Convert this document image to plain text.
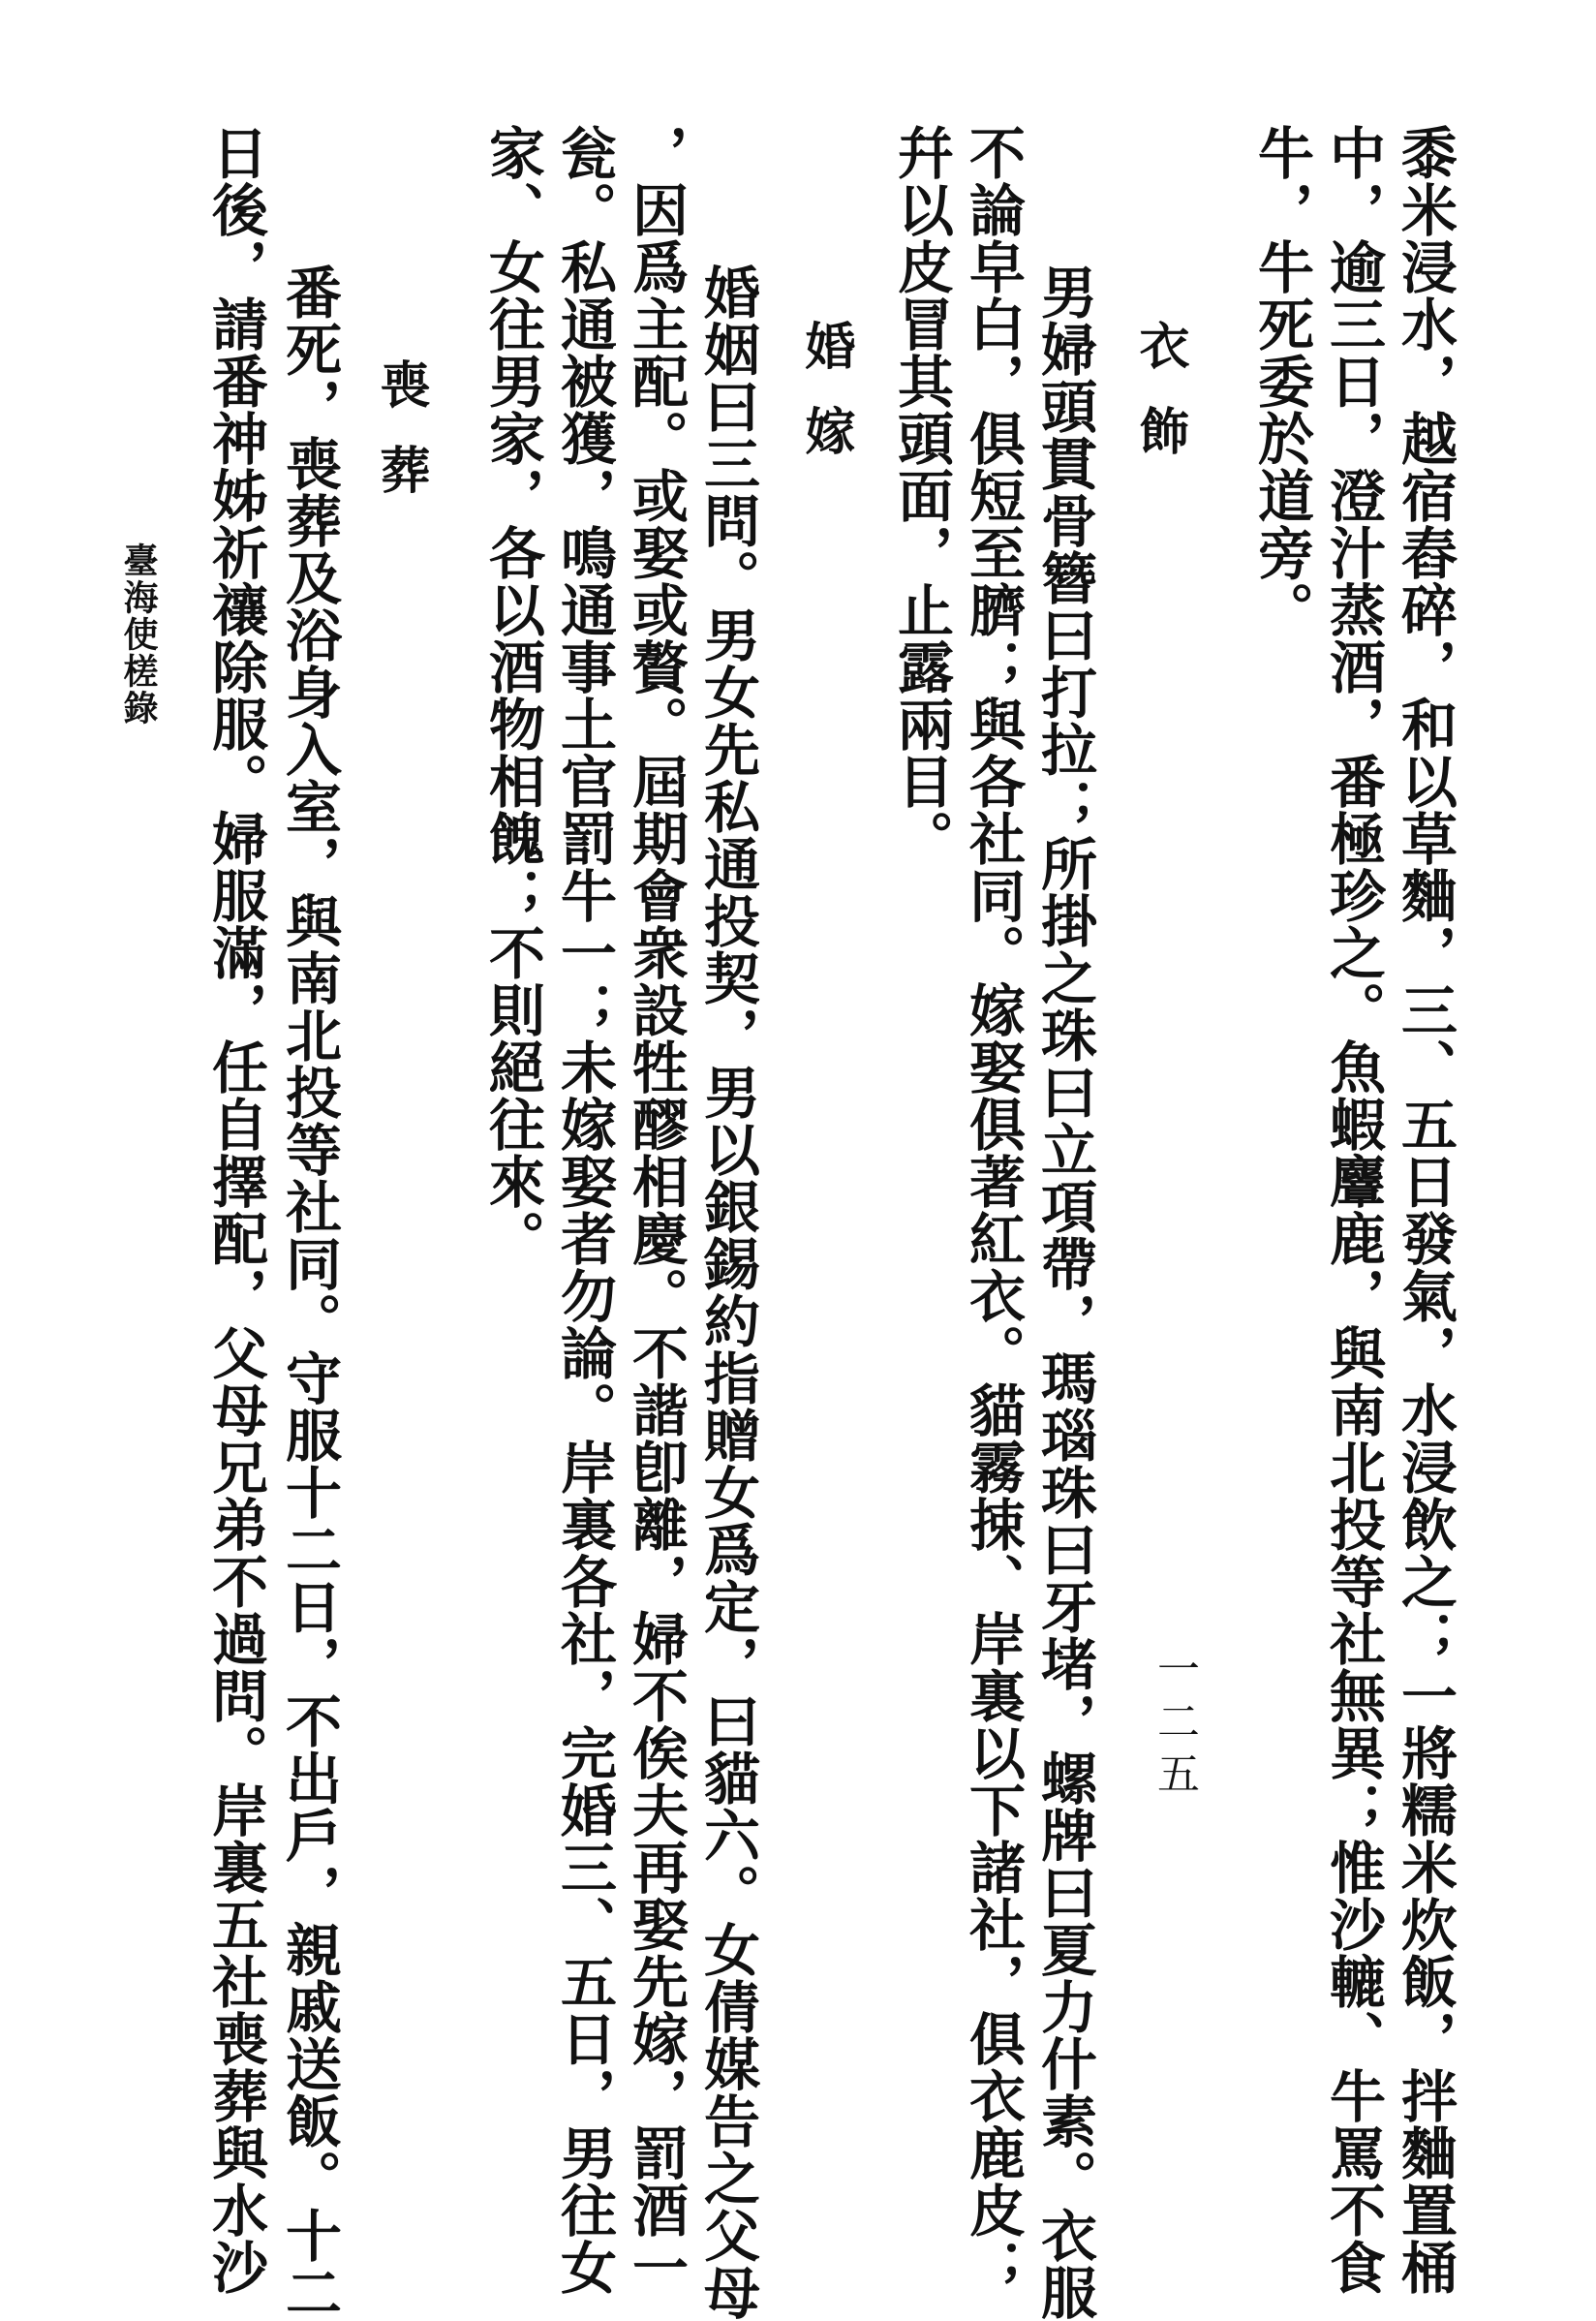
黍米浸水，越宿舂碎，和以草麯，三、五日發氣，水浸飲之；一將糯米炊飯，拌麯置桶
中，逾三日，澄汁蒸酒，番極珍之。魚蝦麞鹿，與南北投等社無異；惟沙轆、牛罵不食
牛，牛死委於道旁。
衣飾
男婦頭貫骨簪曰打拉；所掛之珠曰立項帶，瑪瑙珠曰牙堵，螺牌曰夏力什素。衣服
不論皁白，俱短至臍；與各社同。嫁娶俱著紅衣。貓霧捒、岸裏以下諸社，俱衣鹿皮；
幷以皮冒其頭面，止露兩目。
婚嫁
婚姻曰三問。男女先私通投契，男以銀錫約指贈女爲定，曰貓六。女倩媒告之父母
，因爲主配。或娶或贅。屆期會衆設牲醪相慶。不諧卽離，婦不俟夫再娶先嫁，罰酒一
瓮。私通被獲，鳴通事土官罰牛一；未嫁娶者勿論。岸裏各社，完婚三、五日，男往女
家、女往男家，各以酒物相餽；不則絕往來。
喪葬
番死，喪葬及浴身入室，與南北投等社同。守服十二日，不出戶，親戚送飯。十二
日後，請番神姊祈禳除服。婦服滿，任自擇配，父母兄弟不過問。岸裏五社喪葬與水沙	一二五
臺海使槎錄
